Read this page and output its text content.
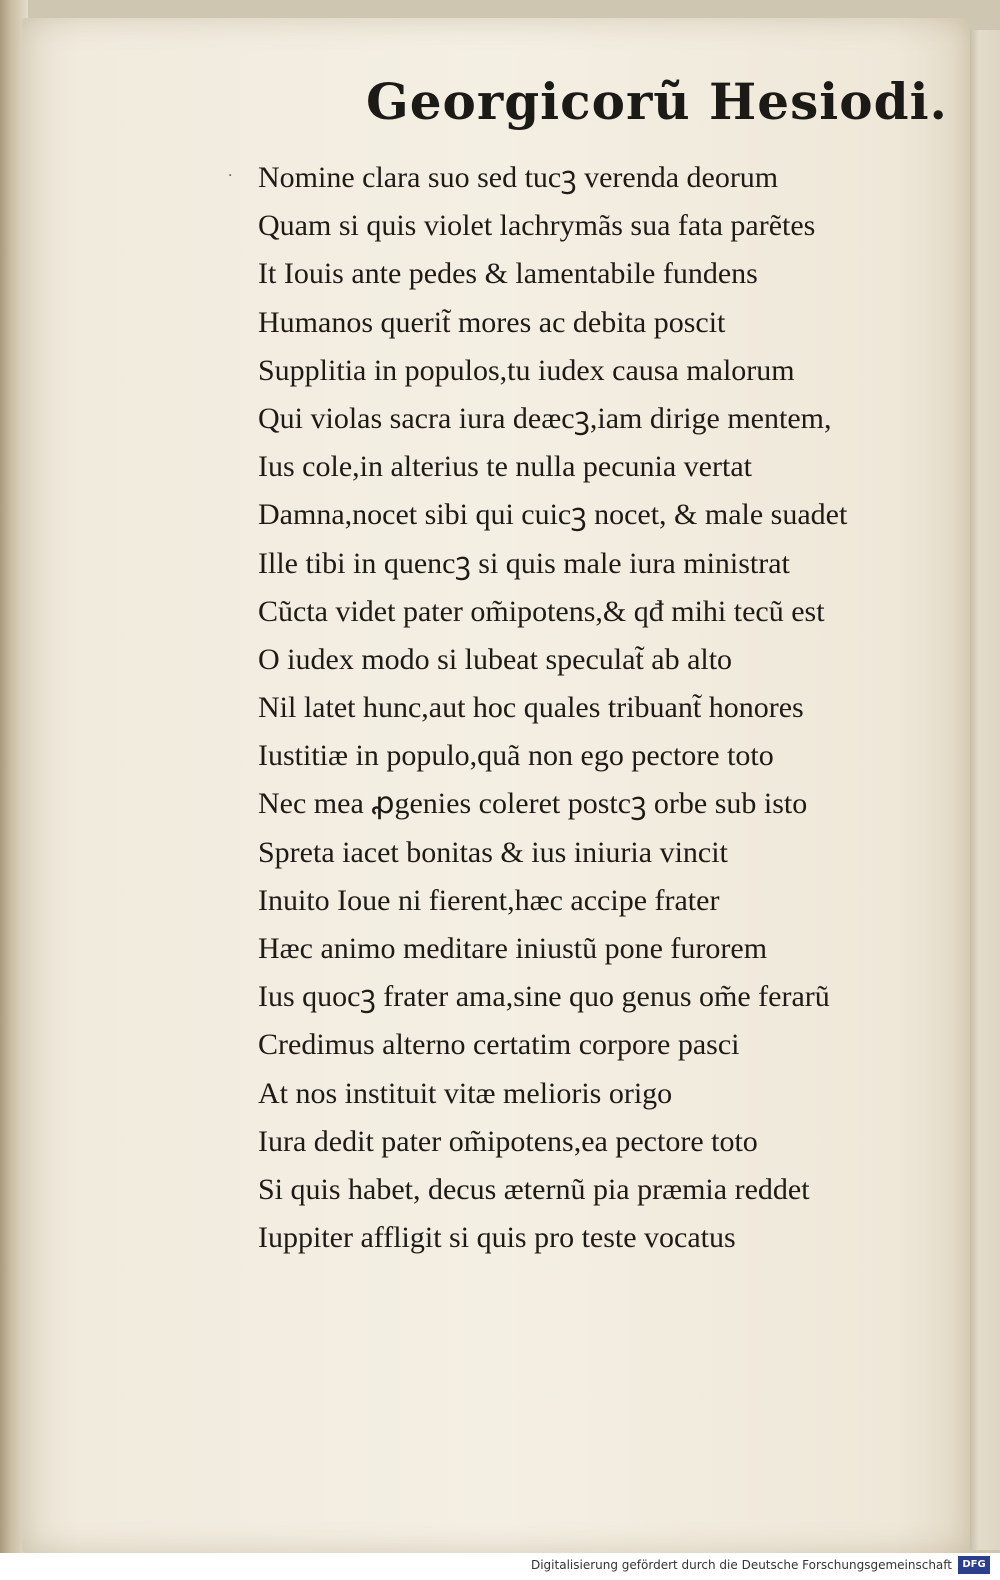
Georgicorũ Hesiodi.
· Nomine clara suo sed tucꝫ verenda deorum
Quam si quis violet lachrymãs sua fata parẽtes
It Iouis ante pedes & lamentabile fundens
Humanos querit̃ mores ac debita poscit
Supplitia in populos,tu iudex causa malorum
Qui violas sacra iura deæcꝫ,iam dirige mentem,
Ius cole,in alterius te nulla pecunia vertat
Damna,nocet sibi qui cuicꝫ nocet, & male suadet
Ille tibi in quencꝫ si quis male iura ministrat
Cũcta videt pater om̃ipotens,& qđ mihi tecũ est
O iudex modo si lubeat speculat̃ ab alto
Nil latet hunc,aut hoc quales tribuant̃ honores
Iustitiæ in populo,quã non ego pectore toto
Nec mea ꝓgenies coleret postcꝫ orbe sub isto
Spreta iacet bonitas & ius iniuria vincit
Inuito Ioue ni fierent,hæc accipe frater
Hæc animo meditare iniustũ pone furorem
Ius quocꝫ frater ama,sine quo genus om̃e ferarũ
Credimus alterno certatim corpore pasci
At nos instituit vitæ melioris origo
Iura dedit pater om̃ipotens,ea pectore toto
Si quis habet, decus æternũ pia præmia reddet
Iuppiter affligit si quis pro teste vocatus
Digitalisierung gefördert durch die Deutsche Forschungsgemeinschaft	DFG
